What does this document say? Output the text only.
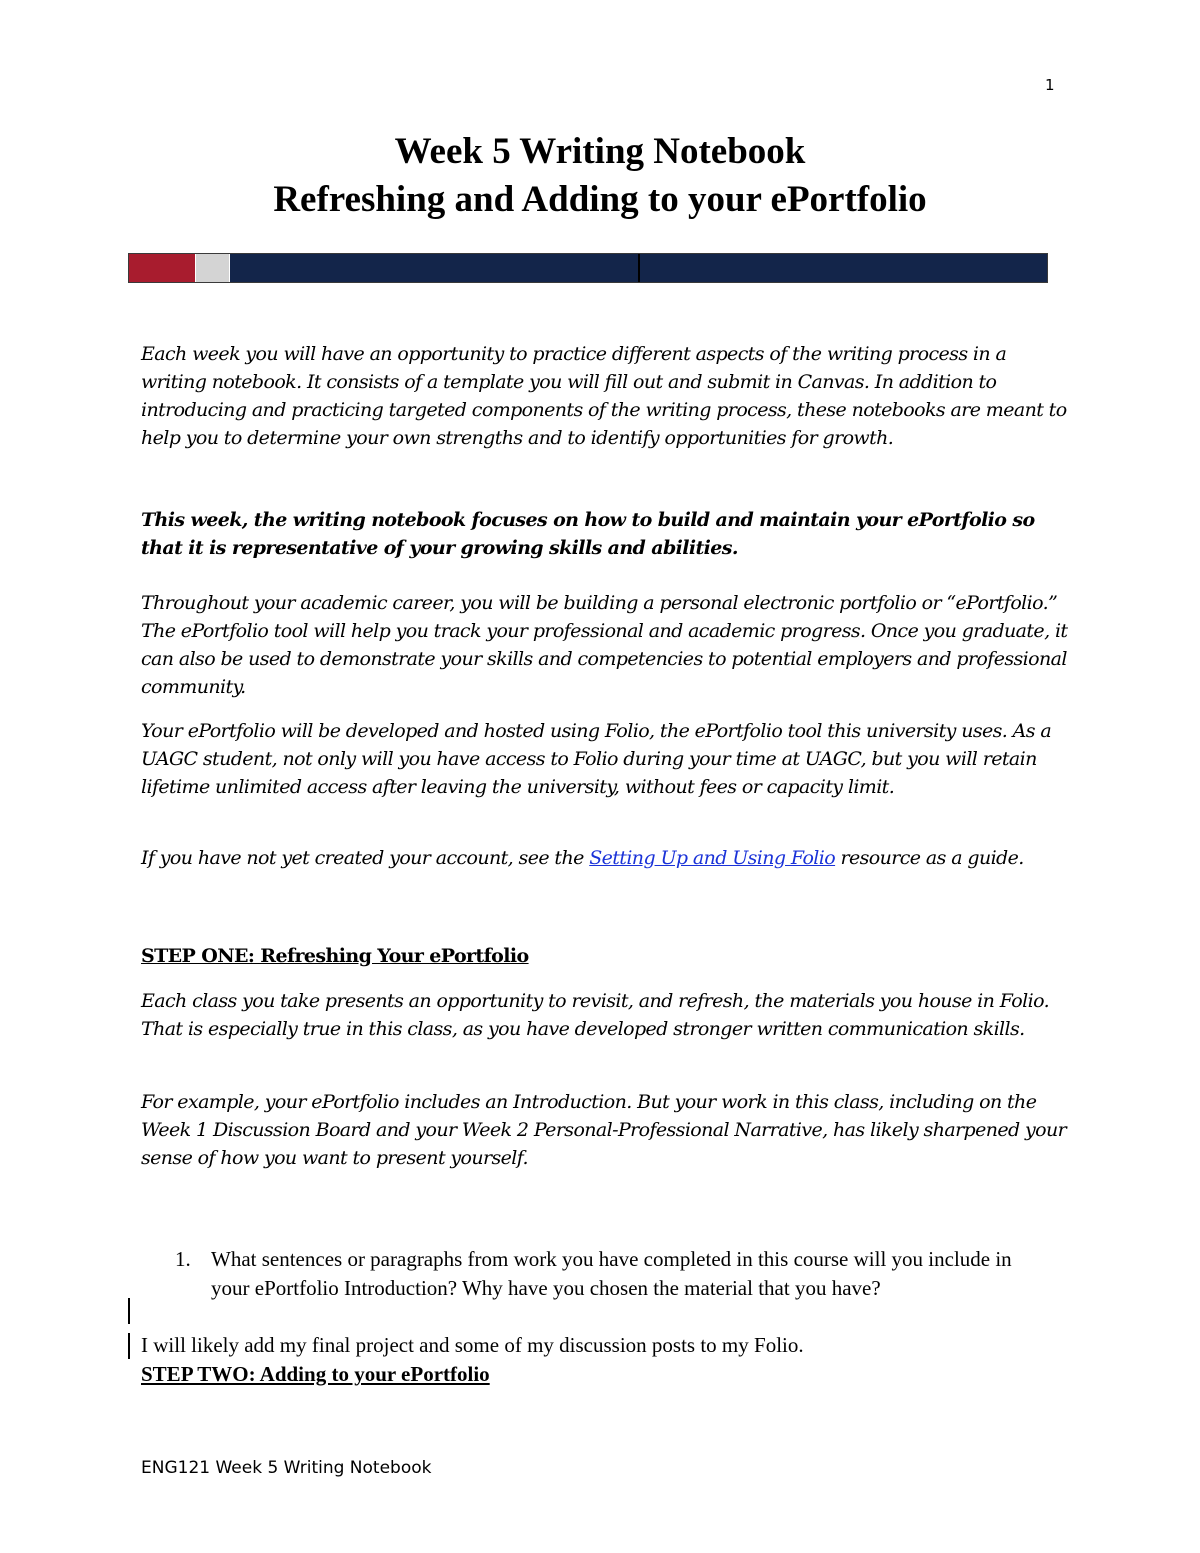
1
Week 5 Writing Notebook
Refreshing and Adding to your ePortfolio

Each week you will have an opportunity to practice different aspects of the writing process in a writing notebook. It consists of a template you will fill out and submit in Canvas. In addition to introducing and practicing targeted components of the writing process, these notebooks are meant to help you to determine your own strengths and to identify opportunities for growth.

This week, the writing notebook focuses on how to build and maintain your ePortfolio so that it is representative of your growing skills and abilities.

Throughout your academic career, you will be building a personal electronic portfolio or “ePortfolio.” The ePortfolio tool will help you track your professional and academic progress. Once you graduate, it can also be used to demonstrate your skills and competencies to potential employers and professional community.

Your ePortfolio will be developed and hosted using Folio, the ePortfolio tool this university uses. As a UAGC student, not only will you have access to Folio during your time at UAGC, but you will retain lifetime unlimited access after leaving the university, without fees or capacity limit.

If you have not yet created your account, see the Setting Up and Using Folio resource as a guide.

STEP ONE: Refreshing Your ePortfolio

Each class you take presents an opportunity to revisit, and refresh, the materials you house in Folio. That is especially true in this class, as you have developed stronger written communication skills.

For example, your ePortfolio includes an Introduction. But your work in this class, including on the Week 1 Discussion Board and your Week 2 Personal-Professional Narrative, has likely sharpened your sense of how you want to present yourself.

1. What sentences or paragraphs from work you have completed in this course will you include in your ePortfolio Introduction? Why have you chosen the material that you have?

I will likely add my final project and some of my discussion posts to my Folio.

STEP TWO: Adding to your ePortfolio

ENG121 Week 5 Writing Notebook
